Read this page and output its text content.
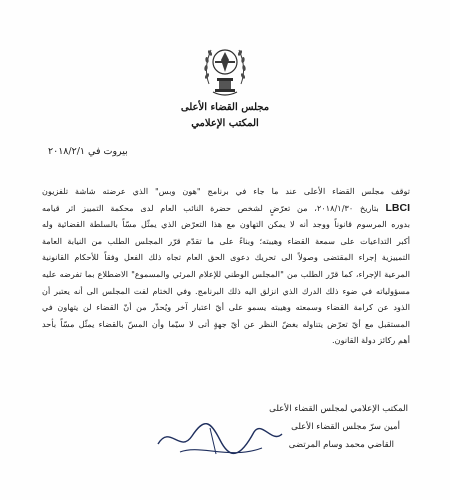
مجلس القضاء الأعلى
المكتب الإعلامي
بيروت في ٢٠١٨/٢/١
توقف مجلس القضاء الأعلى عند ما جاء في برنامج "هون وبس" الذي عرضته شاشة تلفزيون
LBCI بتاريخ ٢٠١٨/١/٣٠، من تعرّضٍ لشخص حضرة النائب العام لدى محكمة التمييز اثر قيامه
بدوره المرسوم قانوناً ووجد أنه لا يمكن التهاون مع هذا التعرّض الذي يمثّل مسّاً بالسلطة القضائية وله
أكبر التداعيات على سمعة القضاء وهيبته؛ وبناءً على ما تقدّم قرّر المجلس الطلب من النيابة العامة
التمييزية إجراء المقتضى وصولاً الى تحريك دعوى الحق العام تجاه ذلك الفعل وفقاً للأحكام القانونية
المرعية الإجراء، كما قرّر الطلب من "المجلس الوطني للإعلام المرئي والمسموع" الاضطلاع بما تفرضه عليه
مسؤولياته في ضوء ذلك الدرك الذي انزلق اليه ذلك البرنامج. وفي الختام لفت المجلس الى أنه يعتبر أن
الذود عن كرامة القضاء وسمعته وهيبته يسمو على أيّ اعتبار آخر ويُحذّر من أنّ القضاء لن يتهاون في
المستقبل مع أيّ تعرّض يتناوله بغضّ النظر عن أيّ جهةٍ أتى لا سيّما وأن المسّ بالقضاء يمثّل مسّاً بأحد
أهم ركائز دولة القانون.
المكتب الإعلامي لمجلس القضاء الأعلى
أمين سرّ مجلس القضاء الأعلى
القاضي محمد وسام المرتضى
